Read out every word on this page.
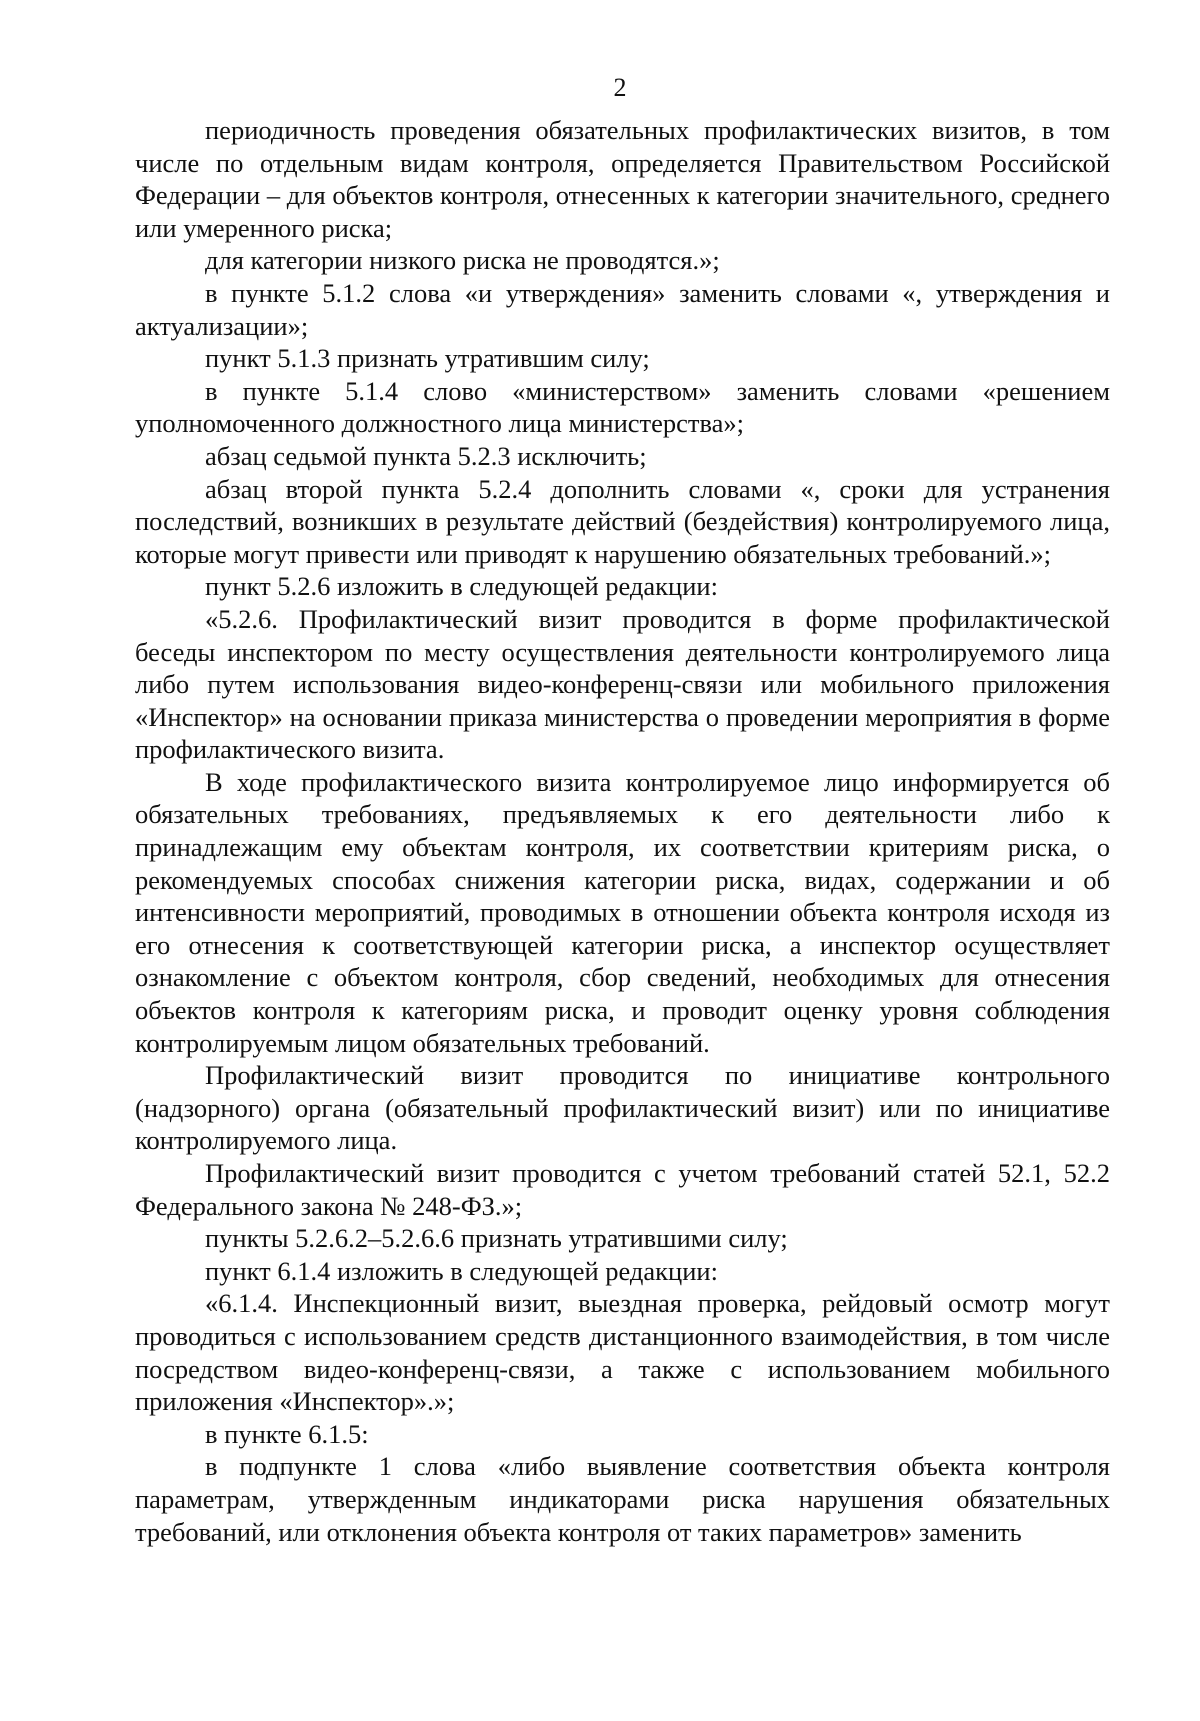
2

периодичность проведения обязательных профилактических визитов, в том числе по отдельным видам контроля, определяется Правительством Российской Федерации – для объектов контроля, отнесенных к категории значительного, среднего или умеренного риска;

для категории низкого риска не проводятся.»;

в пункте 5.1.2 слова «и утверждения» заменить словами «, утверждения и актуализации»;

пункт 5.1.3 признать утратившим силу;

в пункте 5.1.4 слово «министерством» заменить словами «решением уполномоченного должностного лица министерства»;

абзац седьмой пункта 5.2.3 исключить;

абзац второй пункта 5.2.4 дополнить словами «, сроки для устранения последствий, возникших в результате действий (бездействия) контролируемого лица, которые могут привести или приводят к нарушению обязательных требований.»;

пункт 5.2.6 изложить в следующей редакции:

«5.2.6. Профилактический визит проводится в форме профилактической беседы инспектором по месту осуществления деятельности контролируемого лица либо путем использования видео-конференц-связи или мобильного приложения «Инспектор» на основании приказа министерства о проведении мероприятия в форме профилактического визита.

В ходе профилактического визита контролируемое лицо информируется об обязательных требованиях, предъявляемых к его деятельности либо к принадлежащим ему объектам контроля, их соответствии критериям риска, о рекомендуемых способах снижения категории риска, видах, содержании и об интенсивности мероприятий, проводимых в отношении объекта контроля исходя из его отнесения к соответствующей категории риска, а инспектор осуществляет ознакомление с объектом контроля, сбор сведений, необходимых для отнесения объектов контроля к категориям риска, и проводит оценку уровня соблюдения контролируемым лицом обязательных требований.

Профилактический визит проводится по инициативе контрольного (надзорного) органа (обязательный профилактический визит) или по инициативе контролируемого лица.

Профилактический визит проводится с учетом требований статей 52.1, 52.2 Федерального закона № 248-ФЗ.»;

пункты 5.2.6.2–5.2.6.6 признать утратившими силу;

пункт 6.1.4 изложить в следующей редакции:

«6.1.4. Инспекционный визит, выездная проверка, рейдовый осмотр могут проводиться с использованием средств дистанционного взаимодействия, в том числе посредством видео-конференц-связи, а также с использованием мобильного приложения «Инспектор».»;

в пункте 6.1.5:

в подпункте 1 слова «либо выявление соответствия объекта контроля параметрам, утвержденным индикаторами риска нарушения обязательных требований, или отклонения объекта контроля от таких параметров» заменить
